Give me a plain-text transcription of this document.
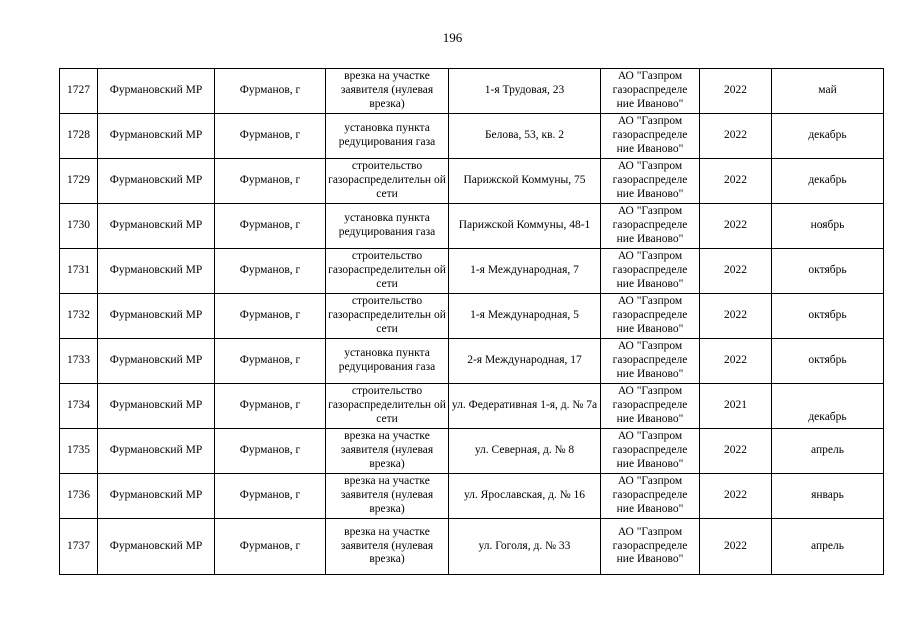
196
1727	Фурмановский МР	Фурманов, г	врезка на участке заявителя (нулевая врезка)	1-я Трудовая, 23	АО "Газпром газораспределе ние Иваново"	2022	май
1728	Фурмановский МР	Фурманов, г	установка пункта редуцирования газа	Белова, 53, кв. 2	АО "Газпром газораспределе ние Иваново"	2022	декабрь
1729	Фурмановский МР	Фурманов, г	строительство газораспределительн ой сети	Парижской Коммуны, 75	АО "Газпром газораспределе ние Иваново"	2022	декабрь
1730	Фурмановский МР	Фурманов, г	установка пункта редуцирования газа	Парижской Коммуны, 48-1	АО "Газпром газораспределе ние Иваново"	2022	ноябрь
1731	Фурмановский МР	Фурманов, г	строительство газораспределительн ой сети	1-я Международная, 7	АО "Газпром газораспределе ние Иваново"	2022	октябрь
1732	Фурмановский МР	Фурманов, г	строительство газораспределительн ой сети	1-я Международная, 5	АО "Газпром газораспределе ние Иваново"	2022	октябрь
1733	Фурмановский МР	Фурманов, г	установка пункта редуцирования газа	2-я Международная, 17	АО "Газпром газораспределе ние Иваново"	2022	октябрь
1734	Фурмановский МР	Фурманов, г	строительство газораспределительн ой сети	ул. Федеративная 1-я, д. № 7а	АО "Газпром газораспределе ние Иваново"	2021	декабрь
1735	Фурмановский МР	Фурманов, г	врезка на участке заявителя (нулевая врезка)	ул. Северная, д. № 8	АО "Газпром газораспределе ние Иваново"	2022	апрель
1736	Фурмановский МР	Фурманов, г	врезка на участке заявителя (нулевая врезка)	ул. Ярославская, д. № 16	АО "Газпром газораспределе ние Иваново"	2022	январь
1737	Фурмановский МР	Фурманов, г	врезка на участке заявителя (нулевая врезка)	ул. Гоголя, д. № 33	АО "Газпром газораспределе ние Иваново"	2022	апрель
